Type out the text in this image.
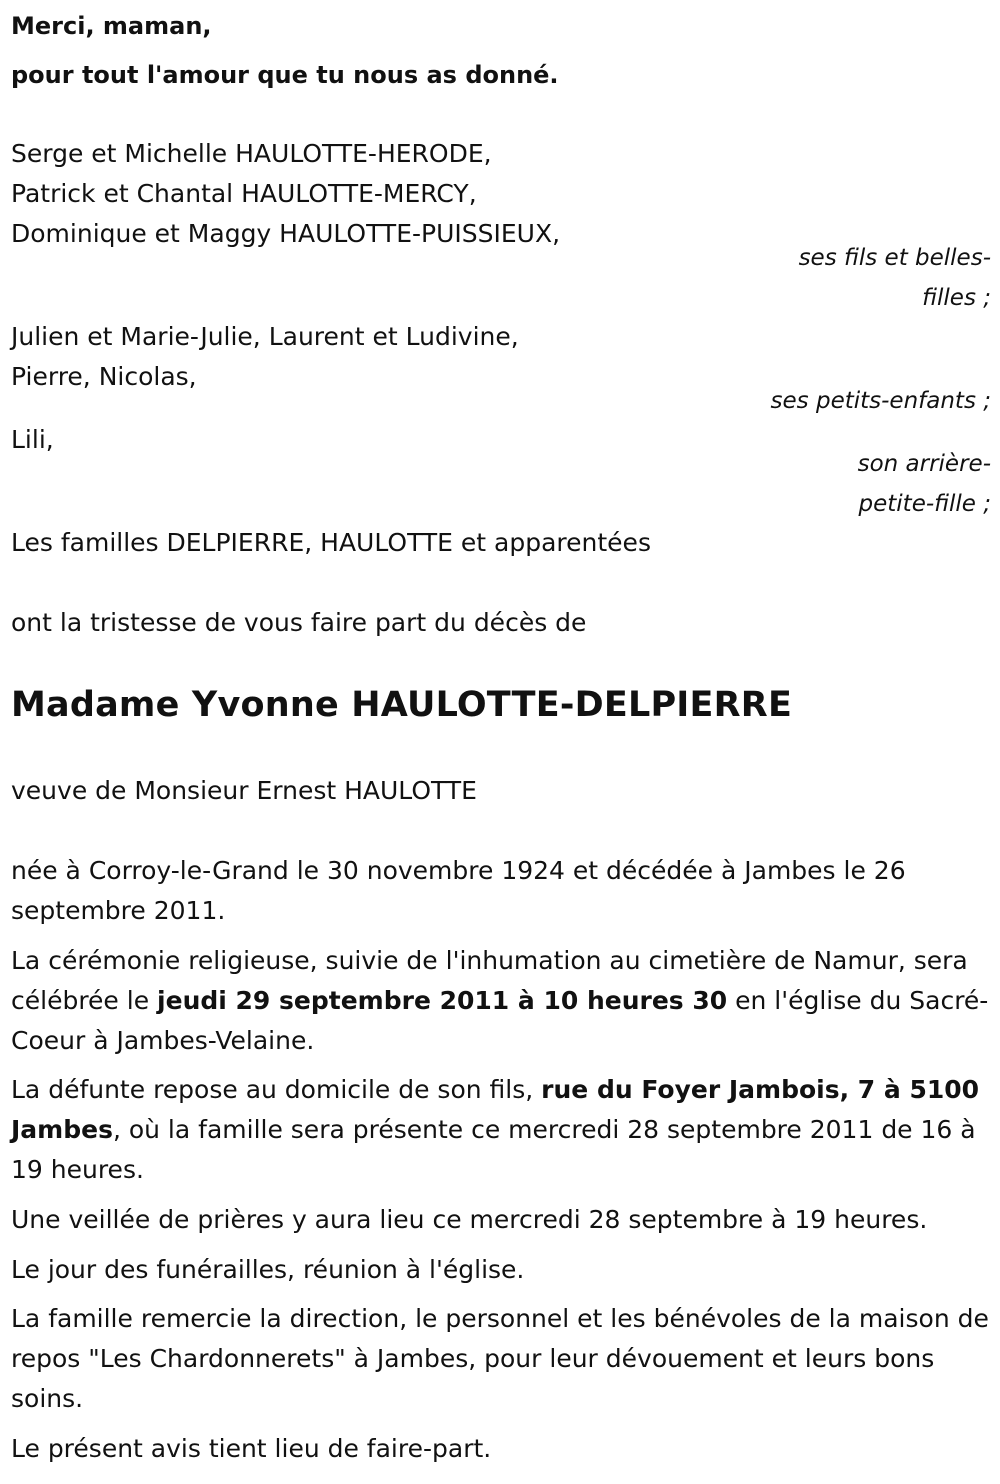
Merci, maman,
pour tout l'amour que tu nous as donné.
Serge et Michelle HAULOTTE-HERODE,
Patrick et Chantal HAULOTTE-MERCY,
Dominique et Maggy HAULOTTE-PUISSIEUX,
ses fils et belles-
filles ;
Julien et Marie-Julie, Laurent et Ludivine,
Pierre, Nicolas,
ses petits-enfants ;
Lili,
son arrière-
petite-fille ;
Les familles DELPIERRE, HAULOTTE et apparentées
ont la tristesse de vous faire part du décès de
Madame Yvonne HAULOTTE-DELPIERRE
veuve de Monsieur Ernest HAULOTTE
née à Corroy-le-Grand le 30 novembre 1924 et décédée à Jambes le 26 septembre 2011.
La cérémonie religieuse, suivie de l'inhumation au cimetière de Namur, sera célébrée le jeudi 29 septembre 2011 à 10 heures 30 en l'église du Sacré-Coeur à Jambes-Velaine.
La défunte repose au domicile de son fils, rue du Foyer Jambois, 7 à 5100 Jambes, où la famille sera présente ce mercredi 28 septembre 2011 de 16 à 19 heures.
Une veillée de prières y aura lieu ce mercredi 28 septembre à 19 heures.
Le jour des funérailles, réunion à l'église.
La famille remercie la direction, le personnel et les bénévoles de la maison de repos "Les Chardonnerets" à Jambes, pour leur dévouement et leurs bons soins.
Le présent avis tient lieu de faire-part.
